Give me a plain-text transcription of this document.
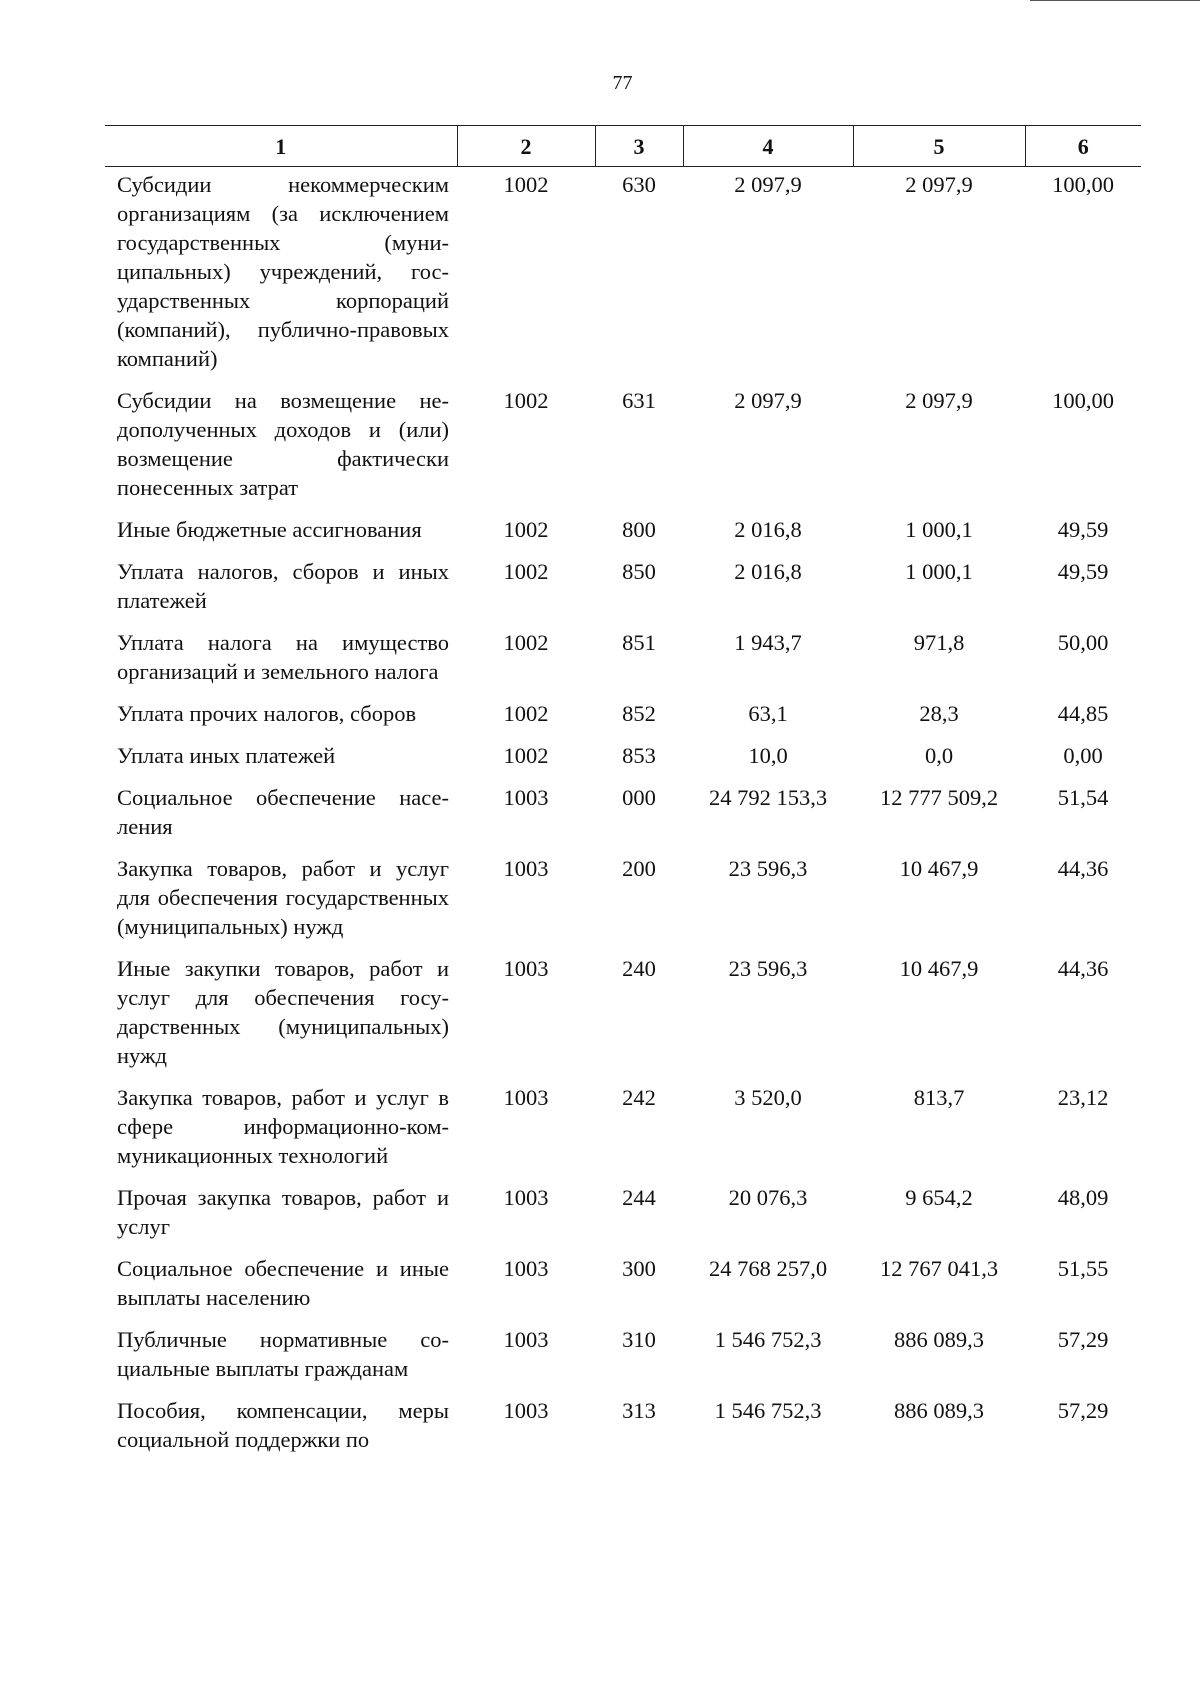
77
1	2	3	4	5	6
Субсидии некоммерческим организациям (за исключением государственных (муниципальных) учреждений, государственных корпораций (компаний), публично-правовых компаний)	1002	630	2 097,9	2 097,9	100,00
Субсидии на возмещение недополученных доходов и (или) возмещение фактически понесенных затрат	1002	631	2 097,9	2 097,9	100,00
Иные бюджетные ассигнования	1002	800	2 016,8	1 000,1	49,59
Уплата налогов, сборов и иных платежей	1002	850	2 016,8	1 000,1	49,59
Уплата налога на имущество организаций и земельного налога	1002	851	1 943,7	971,8	50,00
Уплата прочих налогов, сборов	1002	852	63,1	28,3	44,85
Уплата иных платежей	1002	853	10,0	0,0	0,00
Социальное обеспечение населения	1003	000	24 792 153,3	12 777 509,2	51,54
Закупка товаров, работ и услуг для обеспечения государственных (муниципальных) нужд	1003	200	23 596,3	10 467,9	44,36
Иные закупки товаров, работ и услуг для обеспечения государственных (муниципальных) нужд	1003	240	23 596,3	10 467,9	44,36
Закупка товаров, работ и услуг в сфере информационно-коммуникационных технологий	1003	242	3 520,0	813,7	23,12
Прочая закупка товаров, работ и услуг	1003	244	20 076,3	9 654,2	48,09
Социальное обеспечение и иные выплаты населению	1003	300	24 768 257,0	12 767 041,3	51,55
Публичные нормативные социальные выплаты гражданам	1003	310	1 546 752,3	886 089,3	57,29
Пособия, компенсации, меры социальной поддержки по	1003	313	1 546 752,3	886 089,3	57,29
